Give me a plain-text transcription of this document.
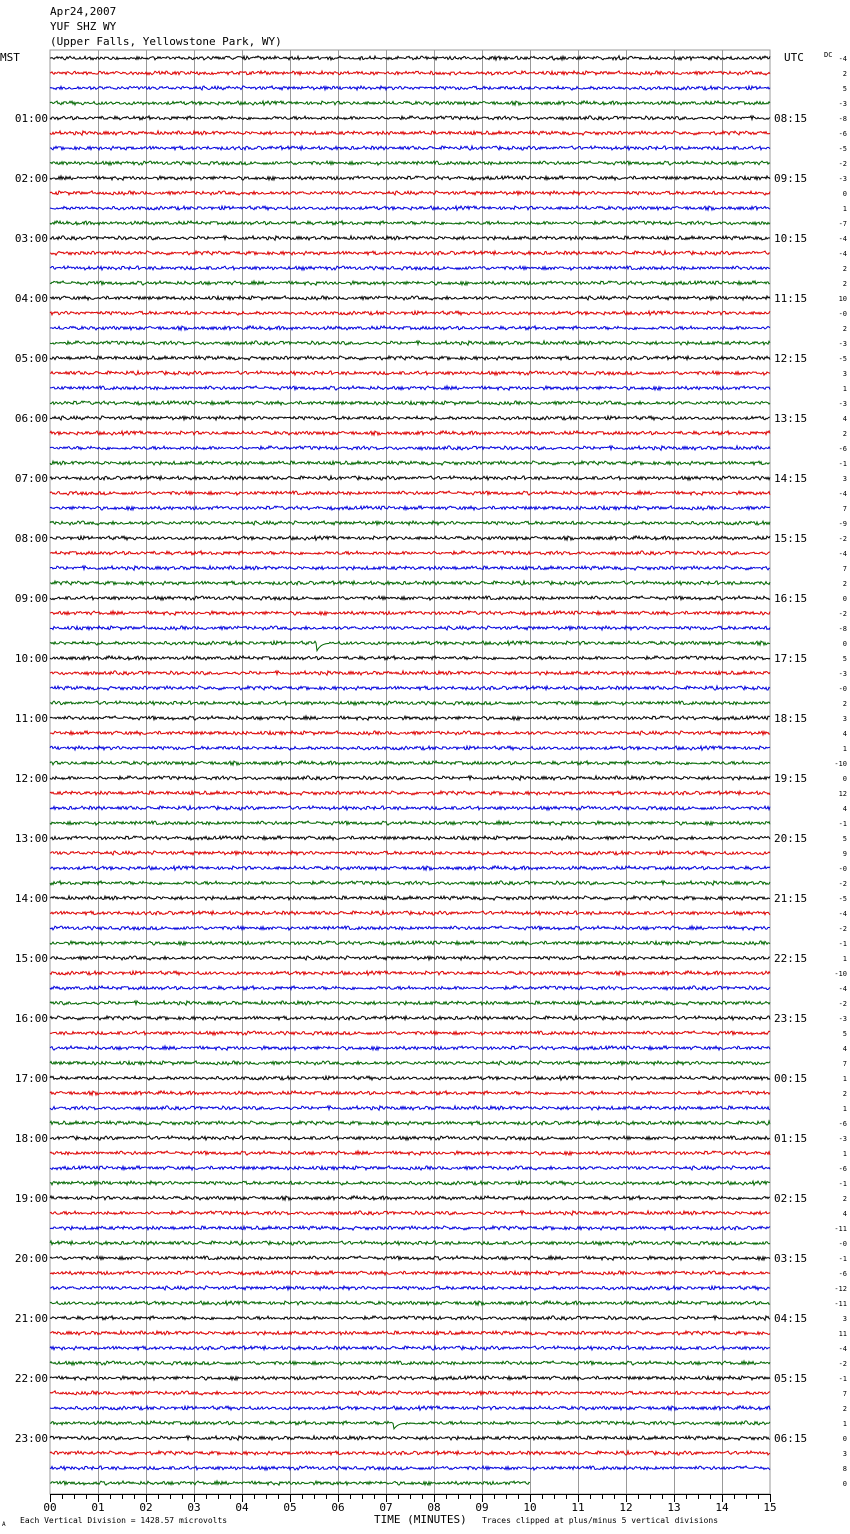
Apr24,2007
YUF SHZ WY
(Upper Falls, Yellowstone Park, WY)
00	01	02	03	04	05	06	07	08	09	10	11	12	13	14	15
01:00
02:00
03:00
04:00
05:00
06:00
07:00
08:00
09:00
10:00
11:00
12:00
13:00
14:00
15:00
16:00
17:00
18:00
19:00
20:00
21:00
22:00
23:00
08:15
09:15
10:15
11:15
12:15
13:15
14:15
15:15
16:15
17:15
18:15
19:15
20:15
21:15
22:15
23:15
00:15
01:15
02:15
03:15
04:15
05:15
06:15
-4
2
5
-3
-8
-6
-5
-2
-3
0
1
-7
-4
-4
2
2
10
-0
2
-3
-5
3
1
-3
4
2
-6
-1
3
-4
7
-9
-2
-4
7
2
0
-2
-8
0
5
-3
-0
2
3
4
1
-10
0
12
4
-1
5
9
-0
-2
-5
-4
-2
-1
1
-10
-4
-2
-3
5
4
7
1
2
1
-6
-3
1
-6
-1
2
4
-11
-0
-1
-6
-12
-11
3
11
-4
-2
-1
7
2
1
0
3
8
0
MST	UTC	DC
TIME (MINUTES)
Each Vertical Division = 1428.57 microvolts	Traces clipped at plus/minus 5 vertical divisions
A
